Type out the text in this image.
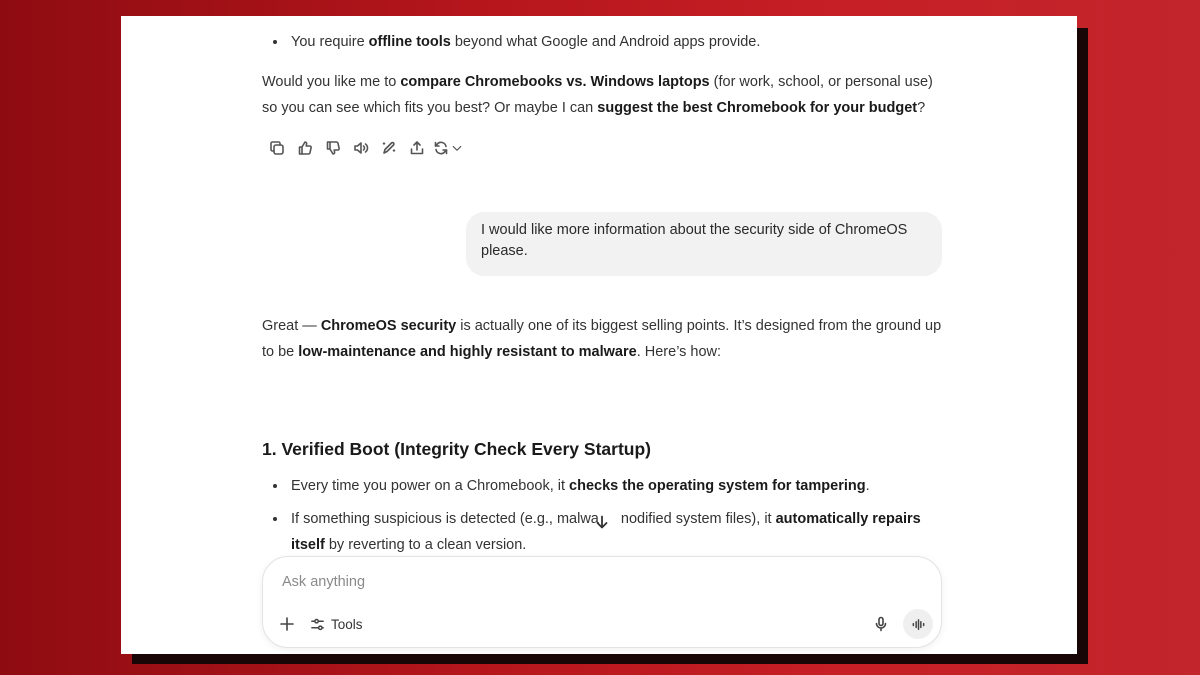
You require offline tools beyond what Google and Android apps provide.

Would you like me to compare Chromebooks vs. Windows laptops (for work, school, or personal use) so you can see which fits you best? Or maybe I can suggest the best Chromebook for your budget?

I would like more information about the security side of ChromeOS please.

Great — ChromeOS security is actually one of its biggest selling points. It’s designed from the ground up to be low-maintenance and highly resistant to malware. Here’s how:

1. Verified Boot (Integrity Check Every Startup)
Every time you power on a Chromebook, it checks the operating system for tampering.
If something suspicious is detected (e.g., malwa nodified system files), it automatically repairs itself by reverting to a clean version.
Ask anything
Tools
